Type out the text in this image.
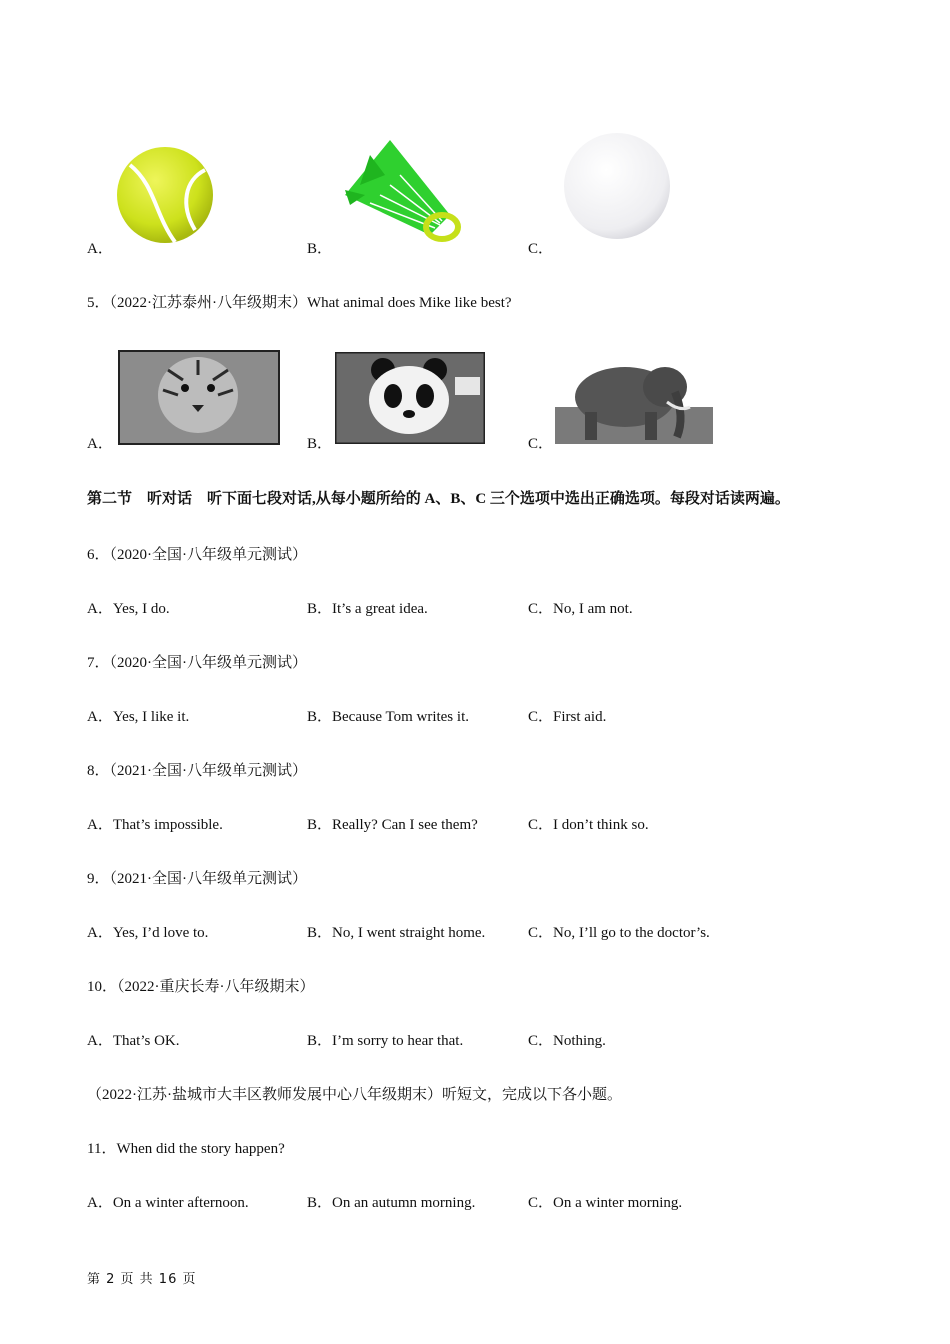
A．	B．	C．
5．（2022·江苏泰州·八年级期末）What animal does Mike like best?
A．	B．	C．
第二节　听对话　听下面七段对话,从每小题所给的 A、B、C 三个选项中选出正确选项。每段对话读两遍。
6．（2020·全国·八年级单元测试）
A．Yes, I do.	B．It’s a great idea.	C．No, I am not.
7．（2020·全国·八年级单元测试）
A．Yes, I like it.	B．Because Tom writes it.	C．First aid.
8．（2021·全国·八年级单元测试）
A．That’s impossible.	B．Really? Can I see them?	C．I don’t think so.
9．（2021·全国·八年级单元测试）
A．Yes, I’d love to.	B．No, I went straight home.	C．No, I’ll go to the doctor’s.
10．（2022·重庆长寿·八年级期末）
A．That’s OK.	B．I’m sorry to hear that.	C．Nothing.
（2022·江苏·盐城市大丰区教师发展中心八年级期末）听短文，完成以下各小题。
11．When did the story happen?
A．On a winter afternoon.	B．On an autumn morning.	C．On a winter morning.
第 2 页 共 16 页
